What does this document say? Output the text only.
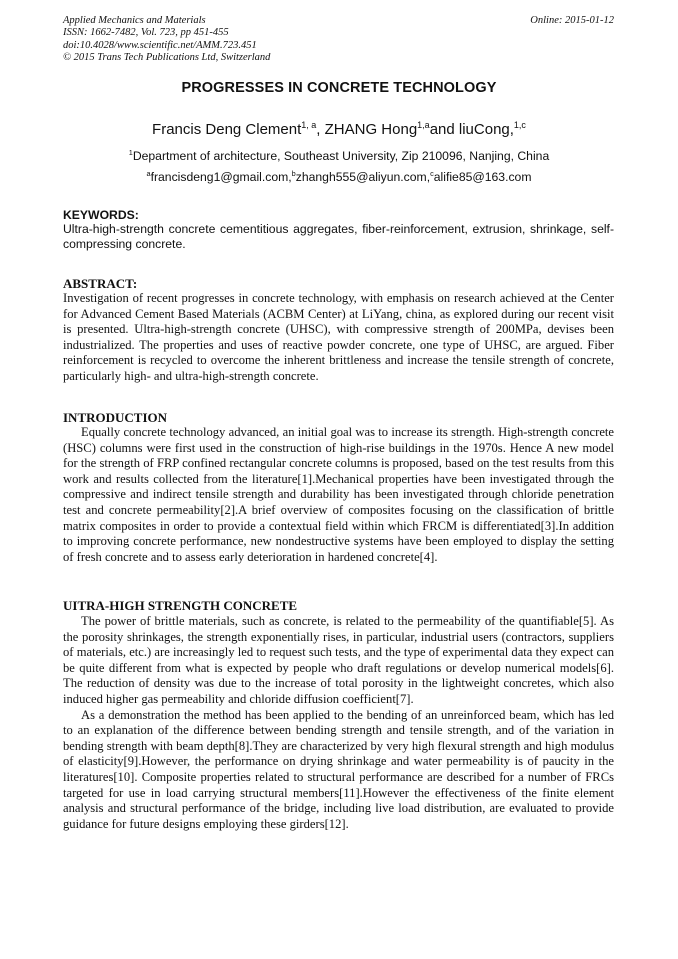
Applied Mechanics and Materials
ISSN: 1662-7482, Vol. 723, pp 451-455
doi:10.4028/www.scientific.net/AMM.723.451
© 2015 Trans Tech Publications Ltd, Switzerland
Online: 2015-01-12
PROGRESSES IN CONCRETE TECHNOLOGY
Francis Deng Clement$^{1, a}$, ZHANG Hong$^{1,a}$and liuCong,$^{1,c}$
$^1$Department of architecture, Southeast University, Zip 210096, Nanjing, China
$^a$francisdeng1@gmail.com,$^b$zhangh555@aliyun.com,$^c$alifie85@163.com
KEYWORDS:
Ultra-high-strength concrete cementitious aggregates, fiber-reinforcement, extrusion, shrinkage, self- compressing concrete.
ABSTRACT:
Investigation of recent progresses in concrete technology, with emphasis on research achieved at the Center for Advanced Cement Based Materials (ACBM Center) at LiYang, china, as explored during our recent visit is presented. Ultra-high-strength concrete (UHSC), with compressive strength of 200MPa, devises been industrialized. The properties and uses of reactive powder concrete, one type of UHSC, are argued. Fiber reinforcement is recycled to overcome the inherent brittleness and increase the tensile strength of concrete, particularly high- and ultra-high-strength concrete.
INTRODUCTION

Equally concrete technology advanced, an initial goal was to increase its strength. High-strength concrete (HSC) columns were first used in the construction of high-rise buildings in the 1970s. Hence A new model for the strength of FRP confined rectangular concrete columns is proposed, based on the test results from this work and results collected from the literature[1].Mechanical properties have been investigated through the compressive and indirect tensile strength and durability has been investigated through chloride penetration test and concrete permeability[2].A brief overview of composites focusing on the classification of brittle matrix composites in order to provide a contextual field within which FRCM is differentiated[3].In addition to improving concrete performance, new nondestructive systems have been employed to display the setting of fresh concrete and to assess early deterioration in hardened concrete[4].

UITRA-HIGH STRENGTH CONCRETE

The power of brittle materials, such as concrete, is related to the permeability of the quantifiable[5]. As the porosity shrinkages, the strength exponentially rises, in particular, industrial users (contractors, suppliers of materials, etc.) are increasingly led to request such tests, and the type of experimental data they expect can be quite different from what is expected by people who draft regulations or develop numerical models[6]. The reduction of density was due to the increase of total porosity in the lightweight concretes, which also induced higher gas permeability and chloride diffusion coefficient[7].

As a demonstration the method has been applied to the bending of an unreinforced beam, which has led to an explanation of the difference between bending strength and tensile strength, and of the variation in bending strength with beam depth[8].They are characterized by very high flexural strength and high modulus of elasticity[9].However, the performance on drying shrinkage and water permeability is of paucity in the literatures[10]. Composite properties related to structural performance are described for a number of FRCs targeted for use in load carrying structural members[11].However the effectiveness of the finite element analysis and structural performance of the bridge, including live load distribution, are evaluated to provide guidance for future designs employing these girders[12].
